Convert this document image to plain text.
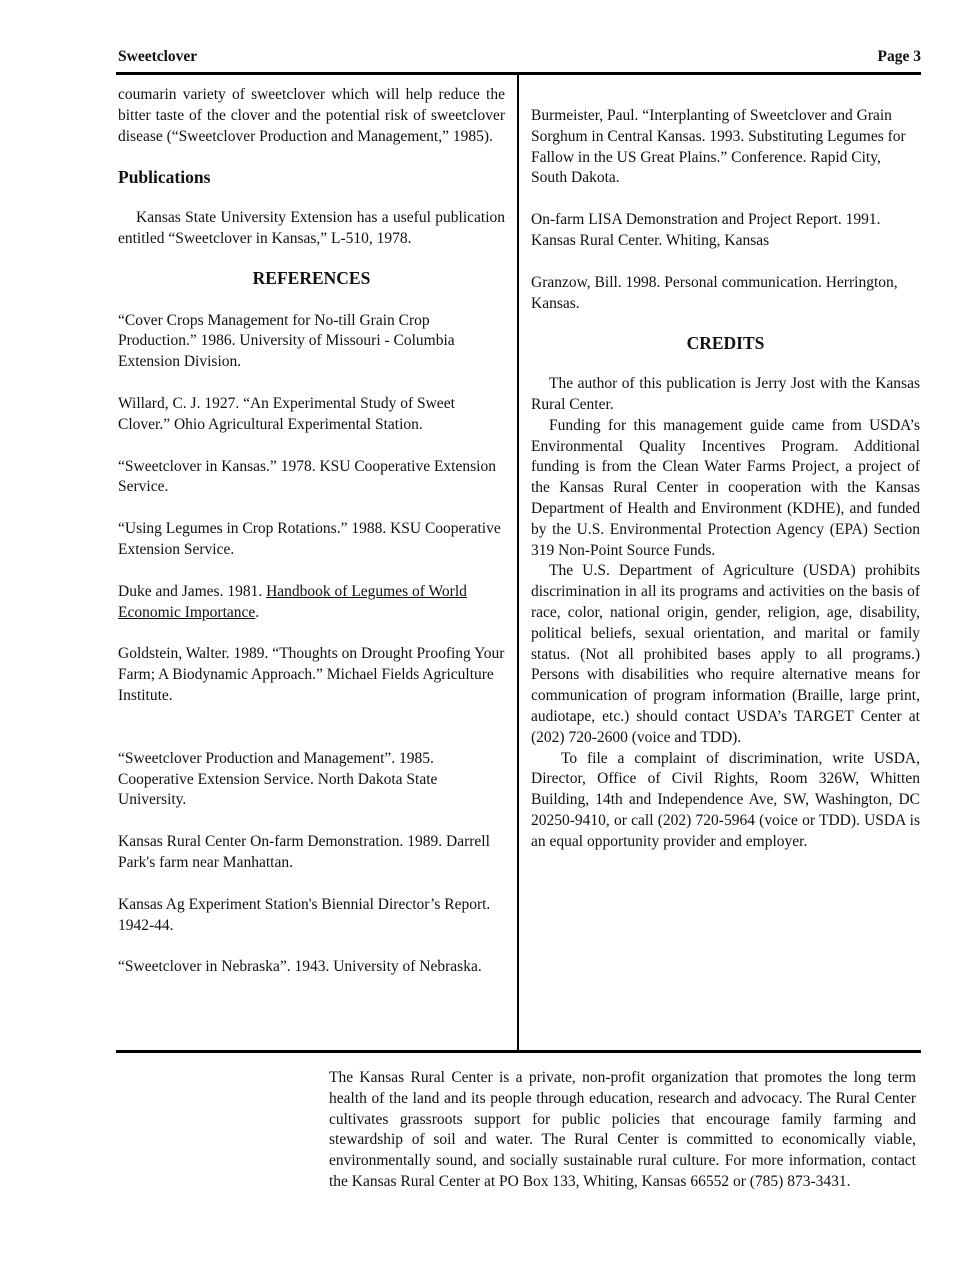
Sweetclover	Page 3

coumarin variety of sweetclover which will help reduce the bitter taste of the clover and the potential risk of sweetclover disease (“Sweetclover Production and Management,” 1985).

Publications

Kansas State University Extension has a useful publication entitled “Sweetclover in Kansas,” L-510, 1978.

REFERENCES

“Cover Crops Management for No-till Grain Crop Production.” 1986. University of Missouri - Columbia Extension Division.

Willard, C. J. 1927. “An Experimental Study of Sweet Clover.” Ohio Agricultural Experimental Station.

“Sweetclover in Kansas.” 1978. KSU Cooperative Extension Service.

“Using Legumes in Crop Rotations.” 1988. KSU Cooperative Extension Service.

Duke and James. 1981. Handbook of Legumes of World Economic Importance.

Goldstein, Walter. 1989. “Thoughts on Drought Proofing Your Farm; A Biodynamic Approach.” Michael Fields Agriculture Institute.

“Sweetclover Production and Management”. 1985. Cooperative Extension Service. North Dakota State University.

Kansas Rural Center On-farm Demonstration. 1989. Darrell Park's farm near Manhattan.

Kansas Ag Experiment Station's Biennial Director’s Report. 1942-44.

“Sweetclover in Nebraska”. 1943. University of Nebraska.

Burmeister, Paul. “Interplanting of Sweetclover and Grain Sorghum in Central Kansas. 1993. Substituting Legumes for Fallow in the US Great Plains.” Conference. Rapid City, South Dakota.

On-farm LISA Demonstration and Project Report. 1991. Kansas Rural Center. Whiting, Kansas

Granzow, Bill. 1998. Personal communication. Herrington, Kansas.

CREDITS

The author of this publication is Jerry Jost with the Kansas Rural Center.

Funding for this management guide came from USDA’s Environmental Quality Incentives Program. Additional funding is from the Clean Water Farms Project, a project of the Kansas Rural Center in cooperation with the Kansas Department of Health and Environment (KDHE), and funded by the U.S. Environmental Protection Agency (EPA) Section 319 Non-Point Source Funds.

The U.S. Department of Agriculture (USDA) prohibits discrimination in all its programs and activities on the basis of race, color, national origin, gender, religion, age, disability, political beliefs, sexual orientation, and marital or family status. (Not all prohibited bases apply to all programs.) Persons with disabilities who require alternative means for communication of program information (Braille, large print, audiotape, etc.) should contact USDA’s TARGET Center at (202) 720-2600 (voice and TDD).

To file a complaint of discrimination, write USDA, Director, Office of Civil Rights, Room 326W, Whitten Building, 14th and Independence Ave, SW, Washington, DC 20250-9410, or call (202) 720-5964 (voice or TDD). USDA is an equal opportunity provider and employer.

The Kansas Rural Center is a private, non-profit organization that promotes the long term health of the land and its people through education, research and advocacy. The Rural Center cultivates grassroots support for public policies that encourage family farming and stewardship of soil and water. The Rural Center is committed to economically viable, environmentally sound, and socially sustainable rural culture. For more information, contact the Kansas Rural Center at PO Box 133, Whiting, Kansas 66552 or (785) 873-3431.
